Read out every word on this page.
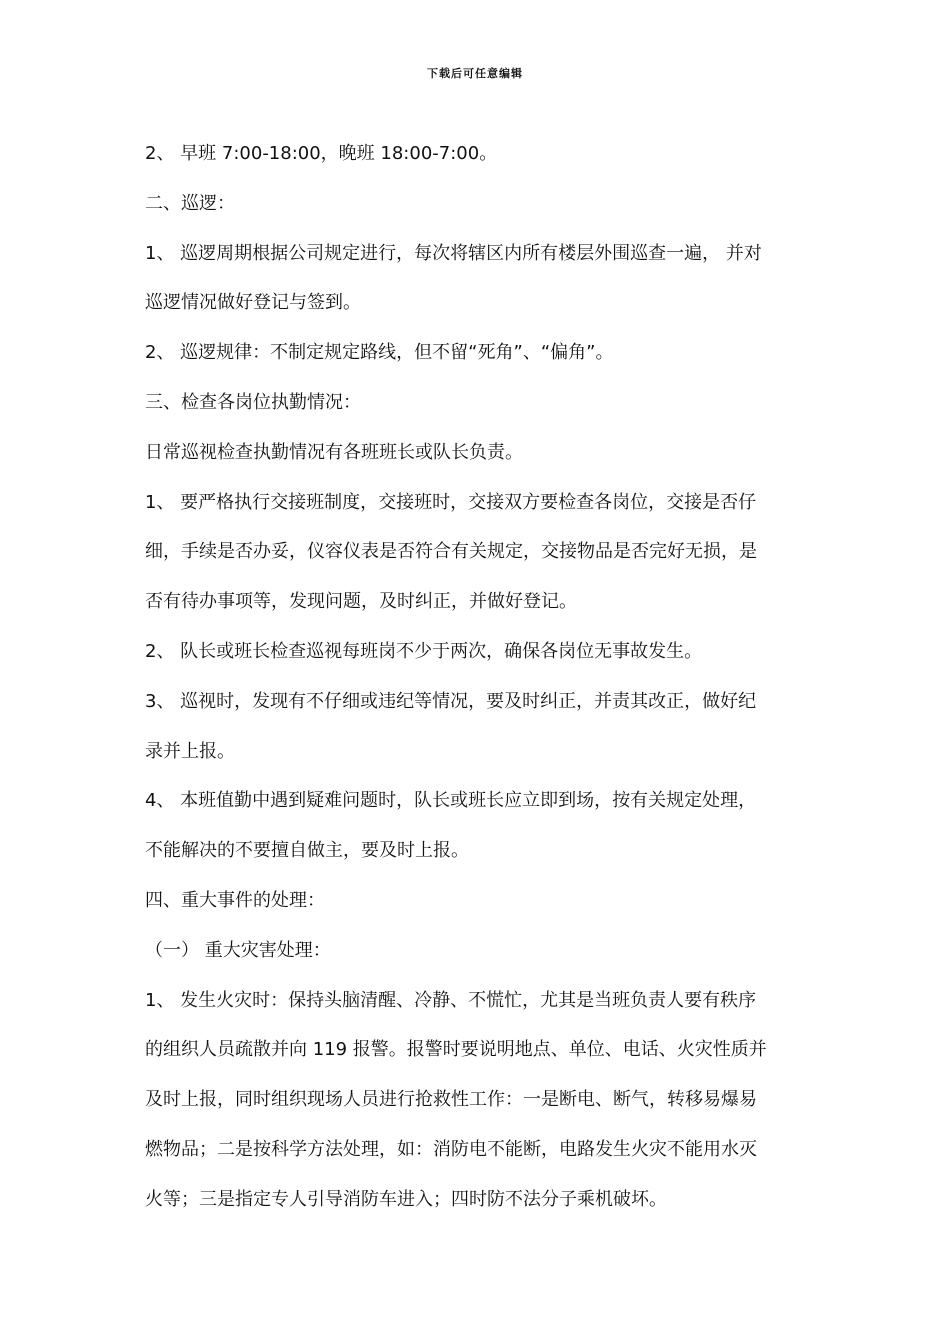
下载后可任意编辑
2、 早班 7:00-18:00，晚班 18:00-7:00。
二、巡逻：
1、 巡逻周期根据公司规定进行，每次将辖区内所有楼层外围巡查一遍， 并对
巡逻情况做好登记与签到。
2、 巡逻规律：不制定规定路线，但不留“死角”、“偏角”。
三、检查各岗位执勤情况：
日常巡视检查执勤情况有各班班长或队长负责。
1、 要严格执行交接班制度，交接班时，交接双方要检查各岗位，交接是否仔
细，手续是否办妥，仪容仪表是否符合有关规定，交接物品是否完好无损，是
否有待办事项等，发现问题，及时纠正，并做好登记。
2、 队长或班长检查巡视每班岗不少于两次，确保各岗位无事故发生。
3、 巡视时，发现有不仔细或违纪等情况，要及时纠正，并责其改正，做好纪
录并上报。
4、 本班值勤中遇到疑难问题时，队长或班长应立即到场，按有关规定处理，
不能解决的不要擅自做主，要及时上报。
四、重大事件的处理：
（一） 重大灾害处理：
1、 发生火灾时：保持头脑清醒、冷静、不慌忙，尤其是当班负责人要有秩序
的组织人员疏散并向 119 报警。报警时要说明地点、单位、电话、火灾性质并
及时上报，同时组织现场人员进行抢救性工作：一是断电、断气，转移易爆易
燃物品；二是按科学方法处理，如：消防电不能断，电路发生火灾不能用水灭
火等；三是指定专人引导消防车进入；四时防不法分子乘机破坏。
